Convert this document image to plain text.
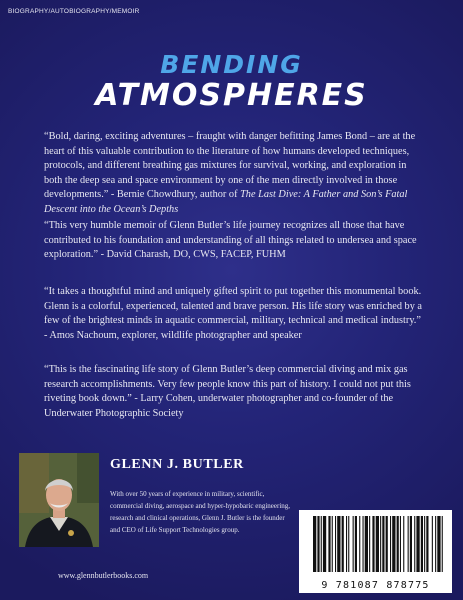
BIOGRAPHY/AUTOBIOGRAPHY/MEMOIR

BENDING
ATMOSPHERES

“Bold, daring, exciting adventures – fraught with danger befitting James Bond – are at the heart of this valuable contribution to the literature of how humans developed techniques, protocols, and different breathing gas mixtures for survival, working, and exploration in both the deep sea and space environment by one of the men directly involved in those developments.” - Bernie Chowdhury, author of The Last Dive: A Father and Son’s Fatal Descent into the Ocean’s Depths

“This very humble memoir of Glenn Butler’s life journey recognizes all those that have contributed to his foundation and understanding of all things related to undersea and space exploration.” - David Charash, DO, CWS, FACEP, FUHM

“It takes a thoughtful mind and uniquely gifted spirit to put together this monumental book. Glenn is a colorful, experienced, talented and brave person. His life story was enriched by a few of the brightest minds in aquatic commercial, military, technical and medical industry.” - Amos Nachoum, explorer, wildlife photographer and speaker

“This is the fascinating life story of Glenn Butler’s deep commercial diving and mix gas research accomplishments. Very few people know this part of history. I could not put this riveting book down.” - Larry Cohen, underwater photographer and co-founder of the Underwater Photographic Society

GLENN J. BUTLER

With over 50 years of experience in military, scientific, commercial diving, aerospace and hyper-hypobaric engineering, research and clinical operations, Glenn J. Butler is the founder and CEO of Life Support Technologies group.

www.glennbutlerbooks.com

9 781087 878775
